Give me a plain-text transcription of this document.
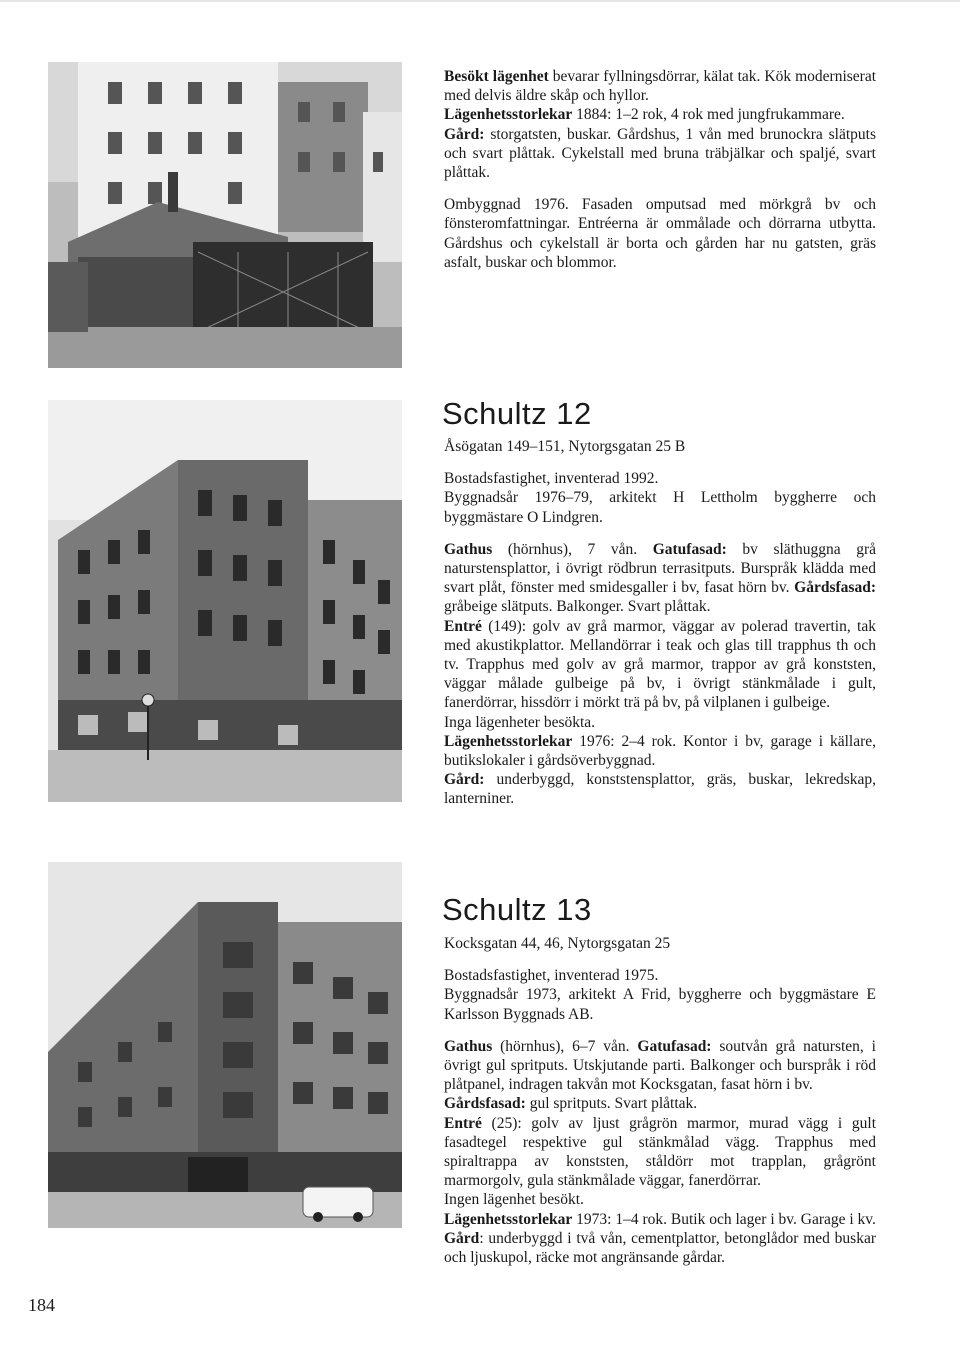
Besökt lägenhet bevarar fyllningsdörrar, kälat tak. Kök moderniserat med delvis äldre skåp och hyllor.

Lägenhetsstorlekar 1884: 1–2 rok, 4 rok med jungfrukammare.

Gård: storgatsten, buskar. Gårdshus, 1 vån med brunockra slätputs och svart plåttak. Cykelstall med bruna träbjälkar och spaljé, svart plåttak.

Ombyggnad 1976. Fasaden omputsad med mörkgrå bv och fönsteromfattningar. Entréerna är ommålade och dörrarna utbytta. Gårdshus och cykelstall är borta och gården har nu gatsten, gräs asfalt, buskar och blommor.

Schultz 12

Åsögatan 149–151, Nytorgsgatan 25 B

Bostadsfastighet, inventerad 1992.

Byggnadsår 1976–79, arkitekt H Lettholm byggherre och byggmästare O Lindgren.

Gathus (hörnhus), 7 vån. Gatufasad: bv släthuggna grå naturstensplattor, i övrigt rödbrun terrasitputs. Burspråk klädda med svart plåt, fönster med smidesgaller i bv, fasat hörn bv. Gårdsfasad: gråbeige slätputs. Balkonger. Svart plåttak.

Entré (149): golv av grå marmor, väggar av polerad travertin, tak med akustikplattor. Mellandörrar i teak och glas till trapphus th och tv. Trapphus med golv av grå marmor, trappor av grå konststen, väggar målade gulbeige på bv, i övrigt stänkmålade i gult, fanerdörrar, hissdörr i mörkt trä på bv, på vilplanen i gulbeige.

Inga lägenheter besökta.

Lägenhetsstorlekar 1976: 2–4 rok. Kontor i bv, garage i källare, butikslokaler i gårdsöverbyggnad.

Gård: underbyggd, konststensplattor, gräs, buskar, lekredskap, lanterniner.

Schultz 13

Kocksgatan 44, 46, Nytorgsgatan 25

Bostadsfastighet, inventerad 1975.

Byggnadsår 1973, arkitekt A Frid, byggherre och byggmästare E Karlsson Byggnads AB.

Gathus (hörnhus), 6–7 vån. Gatufasad: soutvån grå natursten, i övrigt gul spritputs. Utskjutande parti. Balkonger och burspråk i röd plåtpanel, indragen takvån mot Kocksgatan, fasat hörn i bv.

Gårdsfasad: gul spritputs. Svart plåttak.

Entré (25): golv av ljust grågrön marmor, murad vägg i gult fasadtegel respektive gul stänkmålad vägg. Trapphus med spiraltrappa av konststen, ståldörr mot trapplan, grågrönt marmorgolv, gula stänkmålade väggar, fanerdörrar.

Ingen lägenhet besökt.

Lägenhetsstorlekar 1973: 1–4 rok. Butik och lager i bv. Garage i kv.

Gård: underbyggd i två vån, cementplattor, betonglådor med buskar och ljuskupol, räcke mot angränsande gårdar.

184
